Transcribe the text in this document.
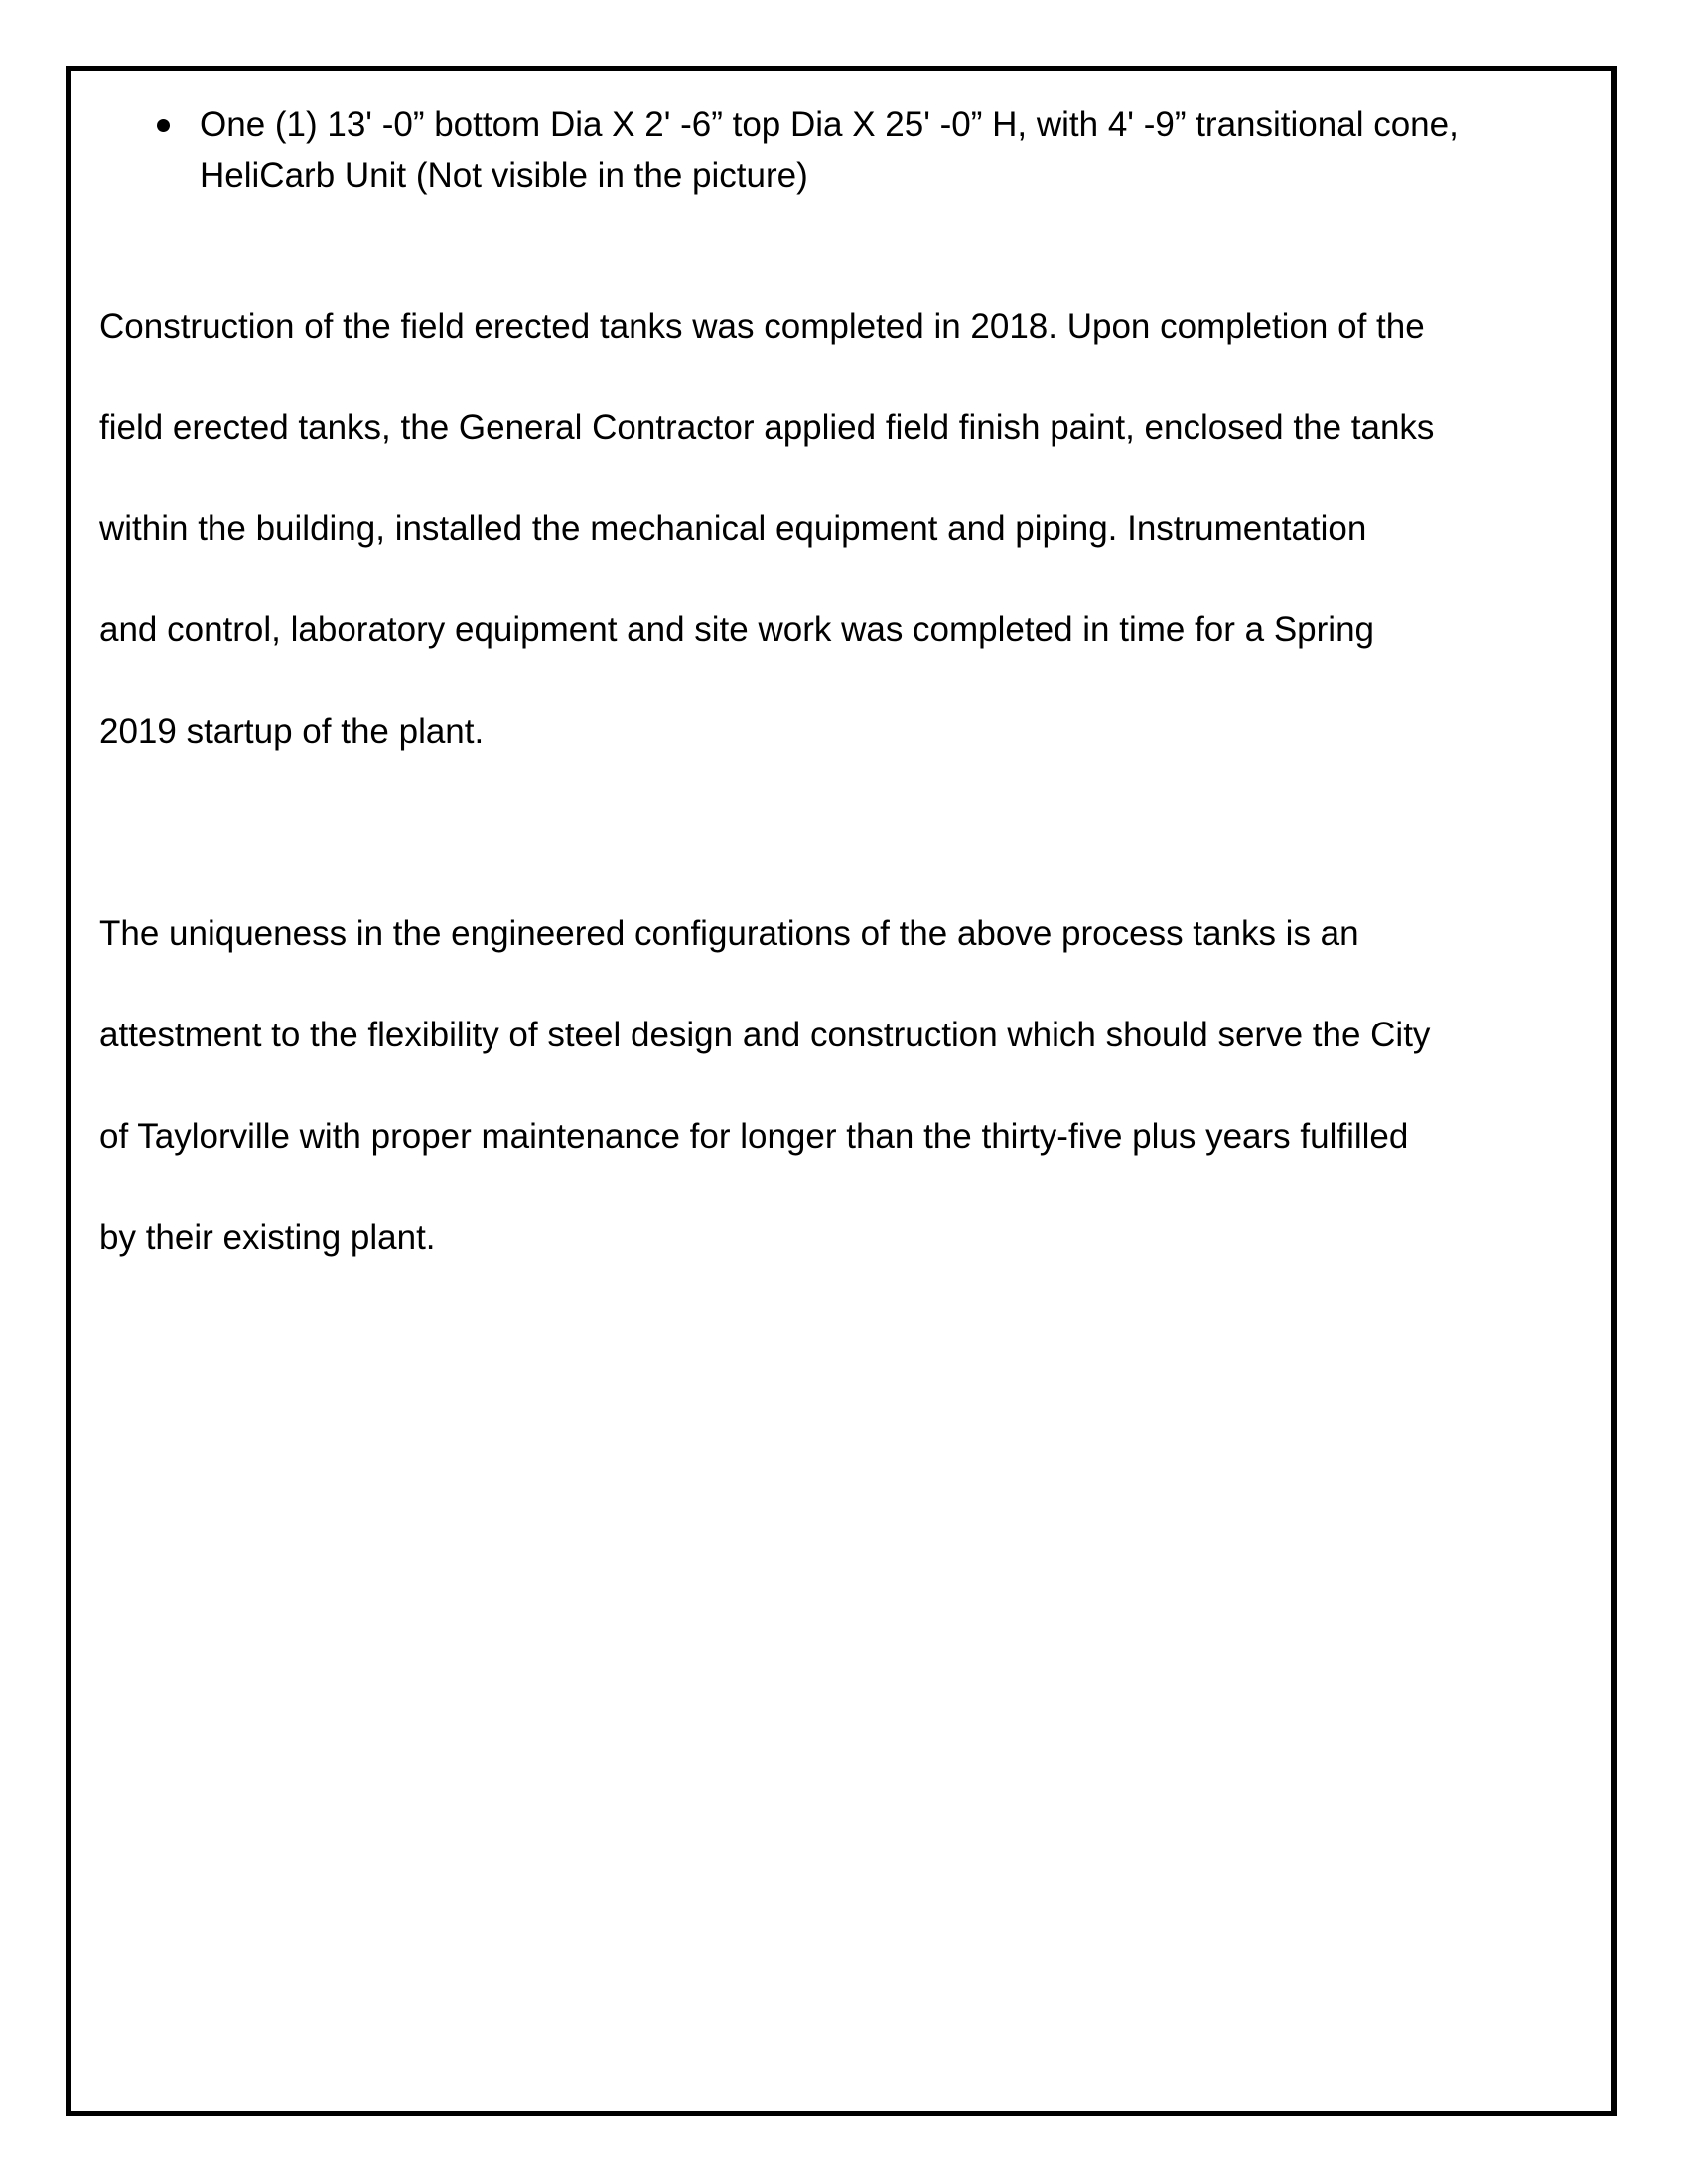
One (1) 13' -0” bottom Dia X 2' -6” top Dia X 25' -0” H, with 4' -9” transitional cone,
HeliCarb Unit (Not visible in the picture)

Construction of the field erected tanks was completed in 2018. Upon completion of the

field erected tanks, the General Contractor applied field finish paint, enclosed the tanks

within the building, installed the mechanical equipment and piping. Instrumentation

and control, laboratory equipment and site work was completed in time for a Spring

2019 startup of the plant.

The uniqueness in the engineered configurations of the above process tanks is an

attestment to the flexibility of steel design and construction which should serve the City

of Taylorville with proper maintenance for longer than the thirty-five plus years fulfilled

by their existing plant.
